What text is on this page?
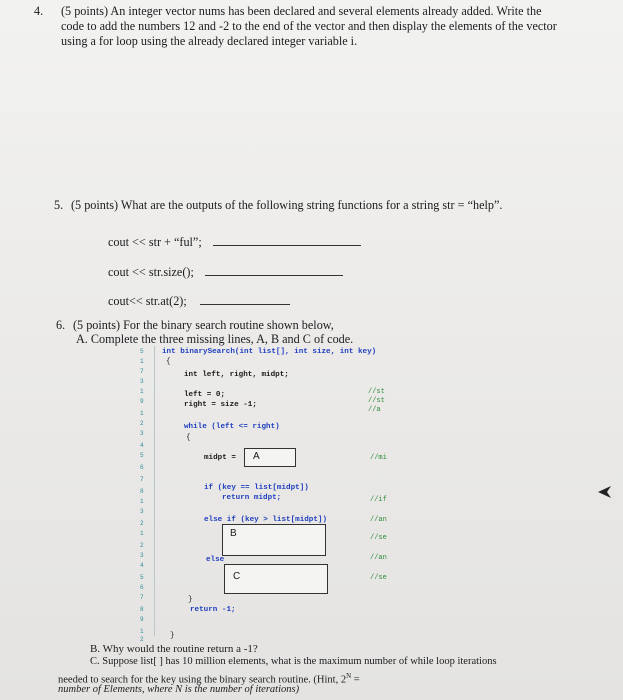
4. (5 points) An integer vector nums has been declared and several elements already added. Write the
code to add the numbers 12 and -2 to the end of the vector and then display the elements of the vector
using a for loop using the already declared integer variable i.
5. (5 points) What are the outputs of the following string functions for a string str = “help”.
cout << str + “ful”;
cout << str.size();
cout<< str.at(2);
6. (5 points) For the binary search routine shown below,
A. Complete the three missing lines, A, B and C of code.
5
1
7
3
1
9
1
2
3
4
5
6
7
8
1
3
2
1
2
3
4
5
6
7
8
9
1
2
int binarySearch(int list[], int size, int key)
{
int left, right, midpt;
left = 0;
right = size -1;
while (left <= right)
{
midpt = A
if (key == list[midpt])
return midpt;
else if (key > list[midpt])
B
else
C
}
return -1;
}
//st
//st
//a
//mi
//if
//an
//se
//an
//se
B. Why would the routine return a -1?
C. Suppose list[ ] has 10 million elements, what is the maximum number of while loop iterations
needed to search for the key using the binary search routine. (Hint, $2^N$ =
number of Elements, where N is the number of iterations)
